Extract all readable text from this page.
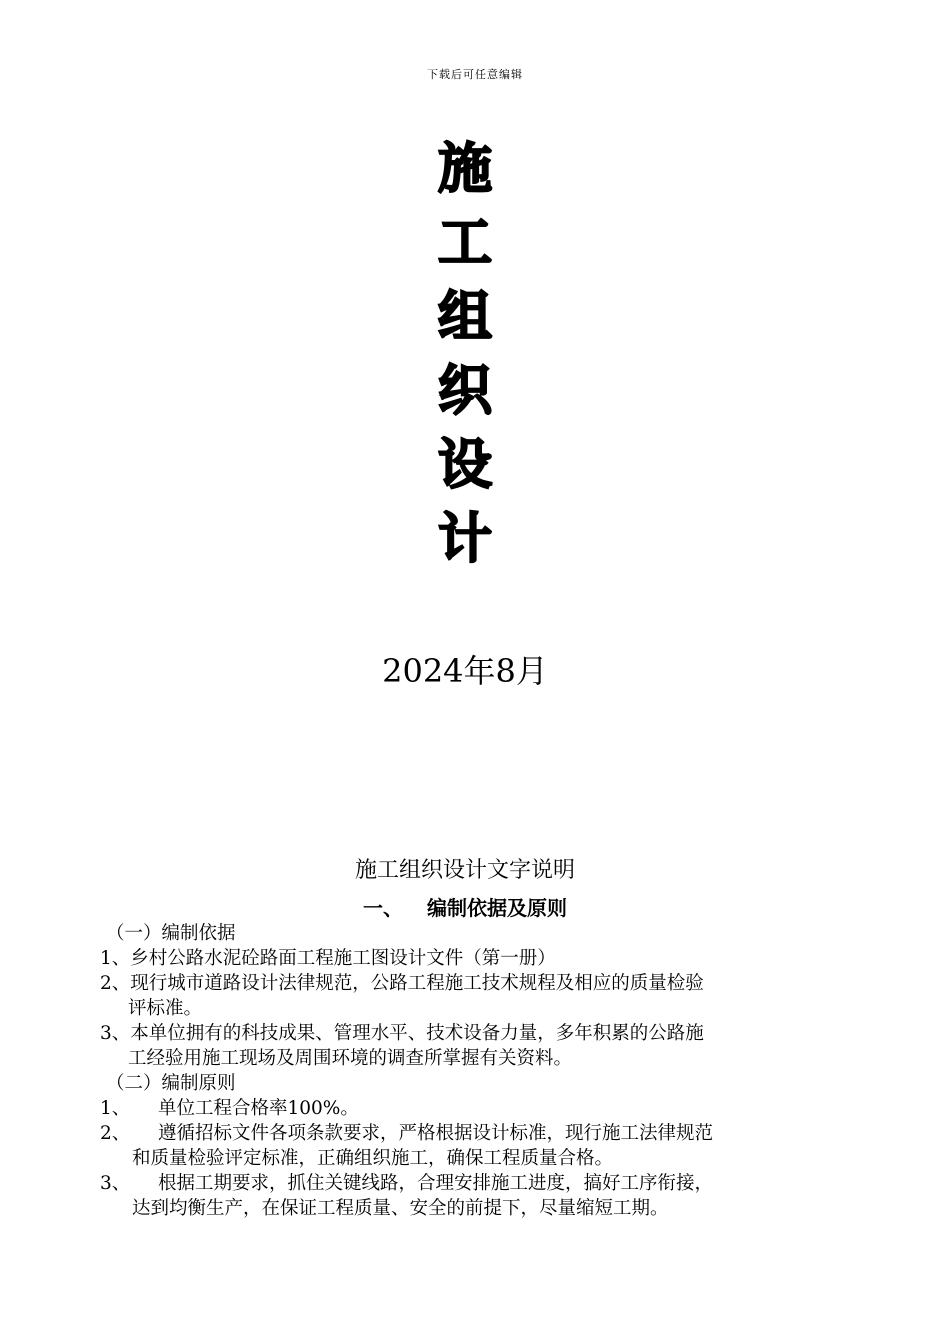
下载后可任意编辑
施
工
组
织
设
计
2024年8月
施工组织设计文字说明
一、 编制依据及原则
（一）编制依据
1、乡村公路水泥砼路面工程施工图设计文件（第一册）
2、现行城市道路设计法律规范，公路工程施工技术规程及相应的质量检验
评标准。
3、本单位拥有的科技成果、管理水平、技术设备力量，多年积累的公路施
工经验用施工现场及周围环境的调查所掌握有关资料。
（二）编制原则
1、 单位工程合格率100%。
2、 遵循招标文件各项条款要求，严格根据设计标准，现行施工法律规范
和质量检验评定标准，正确组织施工，确保工程质量合格。
3、 根据工期要求，抓住关键线路，合理安排施工进度，搞好工序衔接，
达到均衡生产，在保证工程质量、安全的前提下，尽量缩短工期。
